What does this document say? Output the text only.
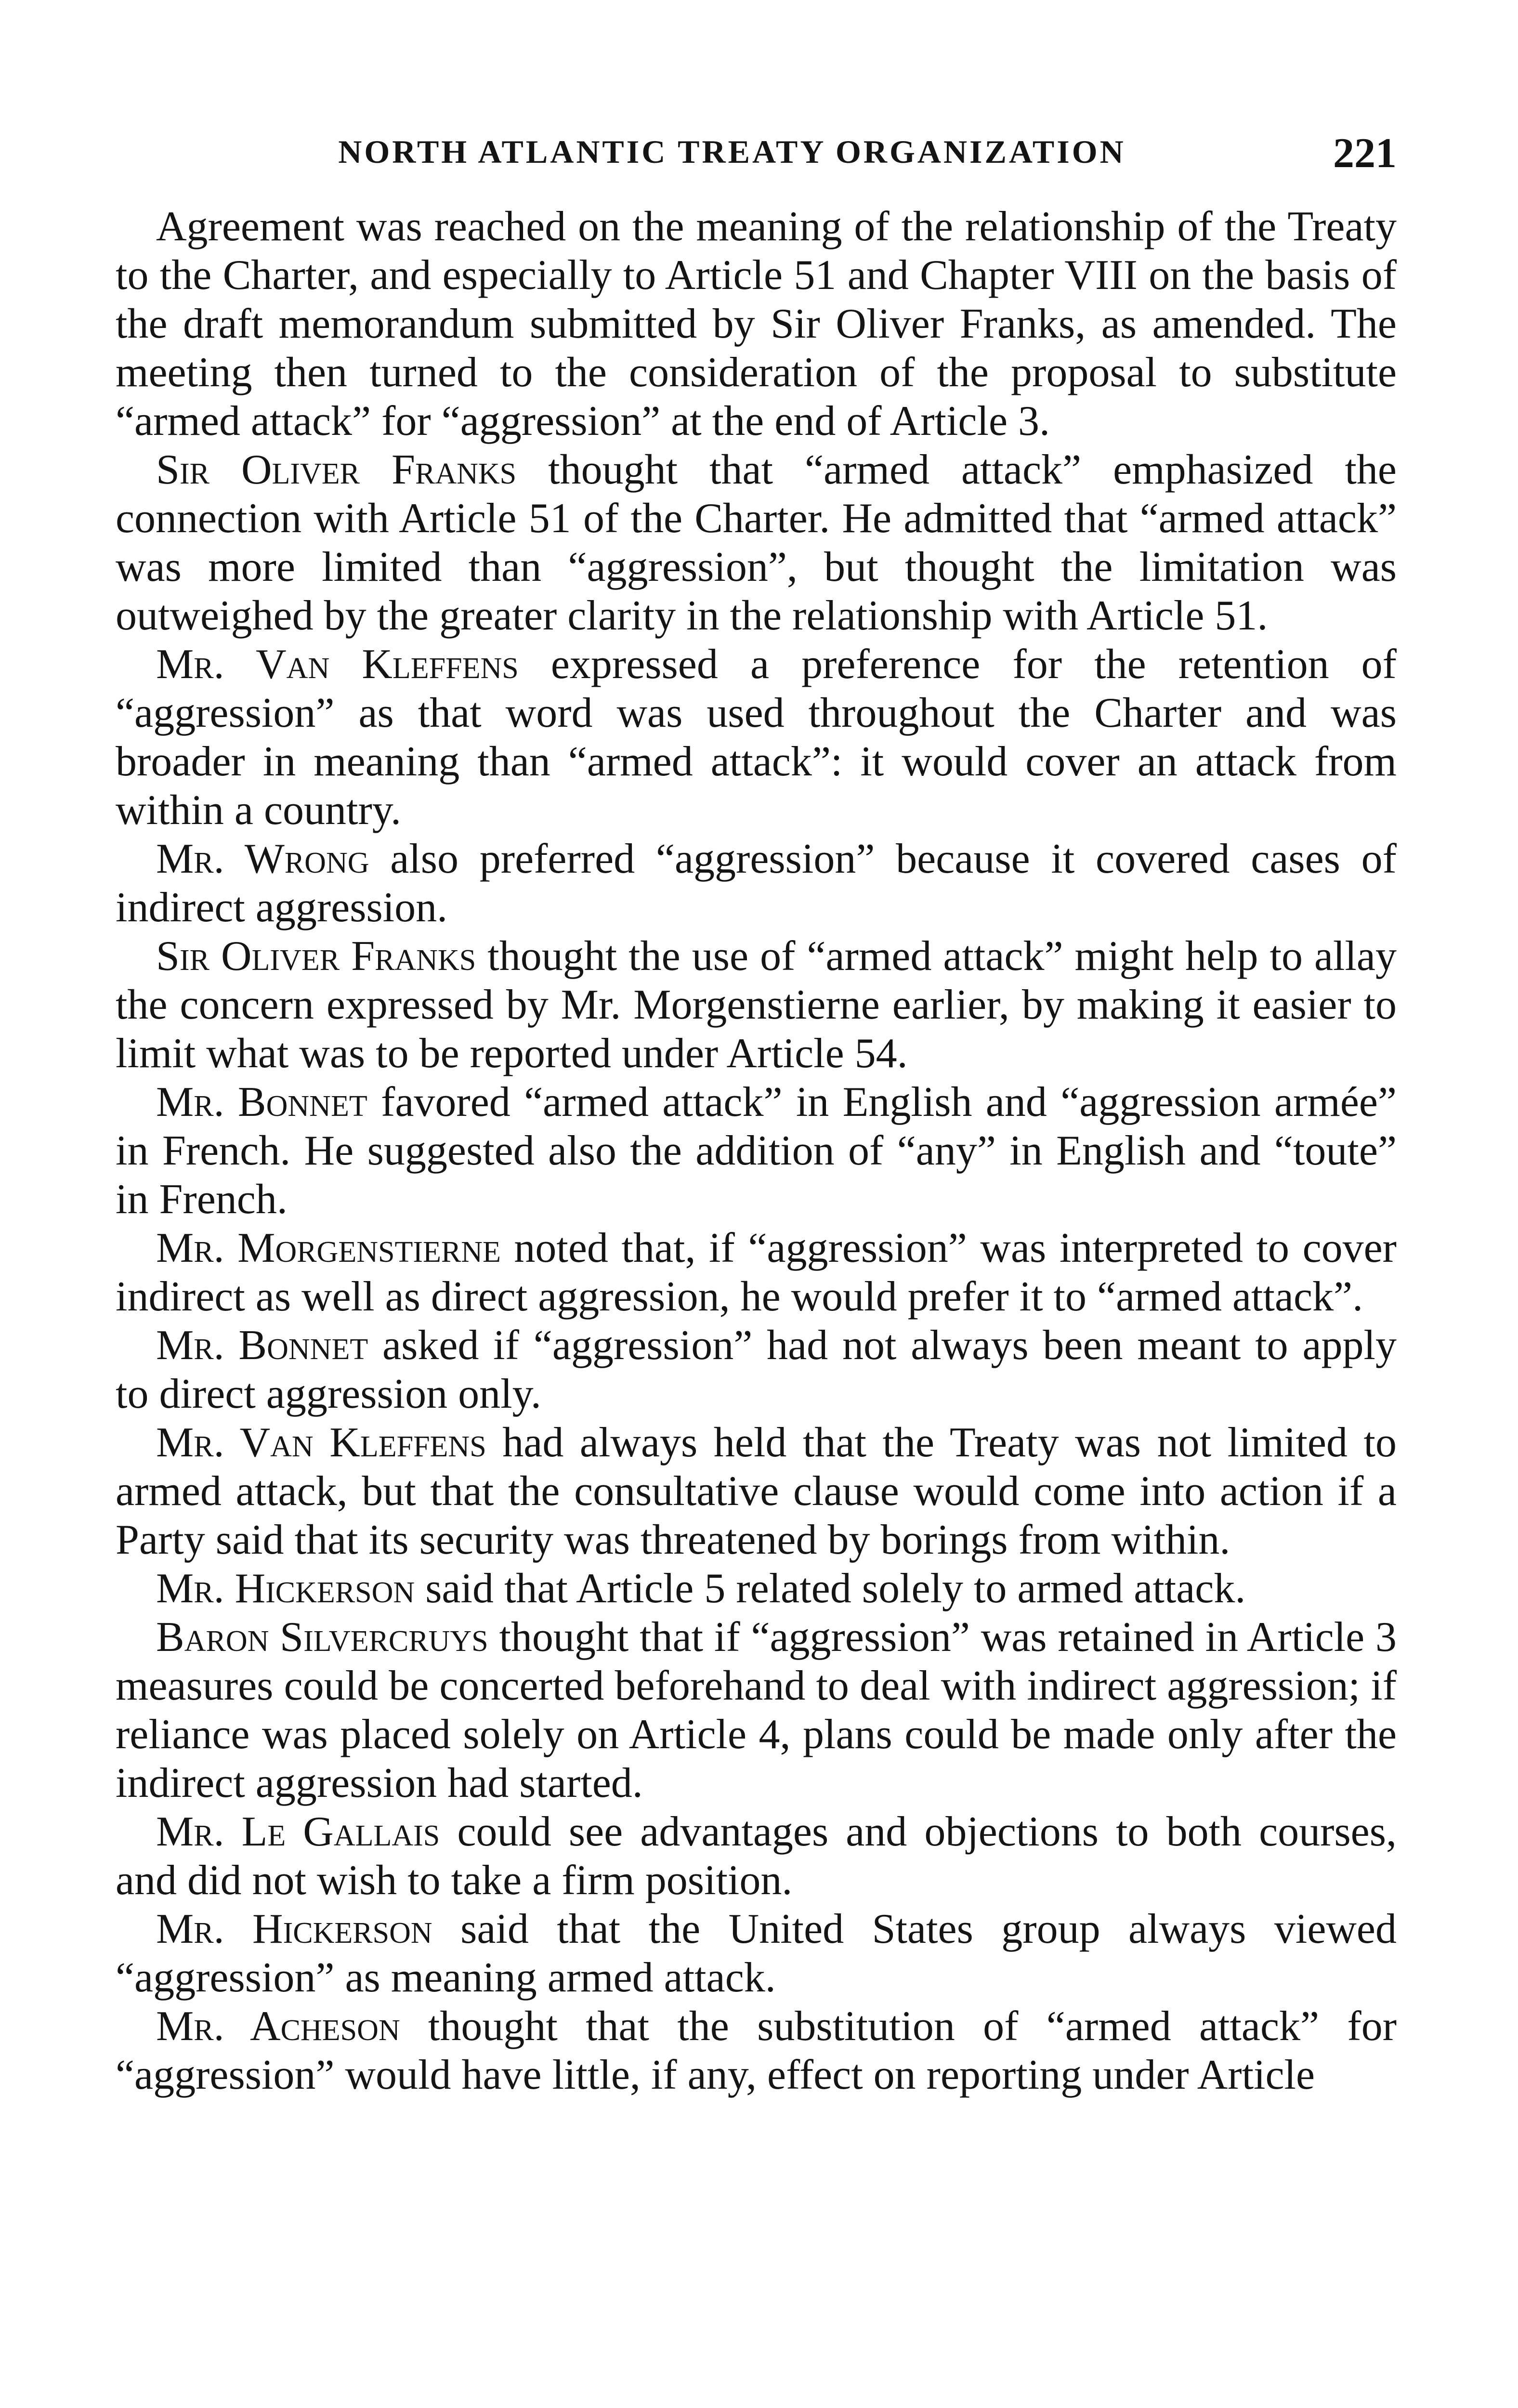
NORTH ATLANTIC TREATY ORGANIZATION	221

Agreement was reached on the meaning of the relationship of the Treaty to the Charter, and especially to Article 51 and Chapter VIII on the basis of the draft memorandum submitted by Sir Oliver Franks, as amended. The meeting then turned to the consideration of the proposal to substitute “armed attack” for “aggression” at the end of Article 3.

Sir Oliver Franks thought that “armed attack” emphasized the connection with Article 51 of the Charter. He admitted that “armed attack” was more limited than “aggression”, but thought the limitation was outweighed by the greater clarity in the relationship with Article 51.

Mr. Van Kleffens expressed a preference for the retention of “aggression” as that word was used throughout the Charter and was broader in meaning than “armed attack”: it would cover an attack from within a country.

Mr. Wrong also preferred “aggression” because it covered cases of indirect aggression.

Sir Oliver Franks thought the use of “armed attack” might help to allay the concern expressed by Mr. Morgenstierne earlier, by making it easier to limit what was to be reported under Article 54.

Mr. Bonnet favored “armed attack” in English and “aggression armée” in French. He suggested also the addition of “any” in English and “toute” in French.

Mr. Morgenstierne noted that, if “aggression” was interpreted to cover indirect as well as direct aggression, he would prefer it to “armed attack”.

Mr. Bonnet asked if “aggression” had not always been meant to apply to direct aggression only.

Mr. Van Kleffens had always held that the Treaty was not limited to armed attack, but that the consultative clause would come into action if a Party said that its security was threatened by borings from within.

Mr. Hickerson said that Article 5 related solely to armed attack.

Baron Silvercruys thought that if “aggression” was retained in Article 3 measures could be concerted beforehand to deal with indirect aggression; if reliance was placed solely on Article 4, plans could be made only after the indirect aggression had started.

Mr. Le Gallais could see advantages and objections to both courses, and did not wish to take a firm position.

Mr. Hickerson said that the United States group always viewed “aggression” as meaning armed attack.

Mr. Acheson thought that the substitution of “armed attack” for “aggression” would have little, if any, effect on reporting under Article
